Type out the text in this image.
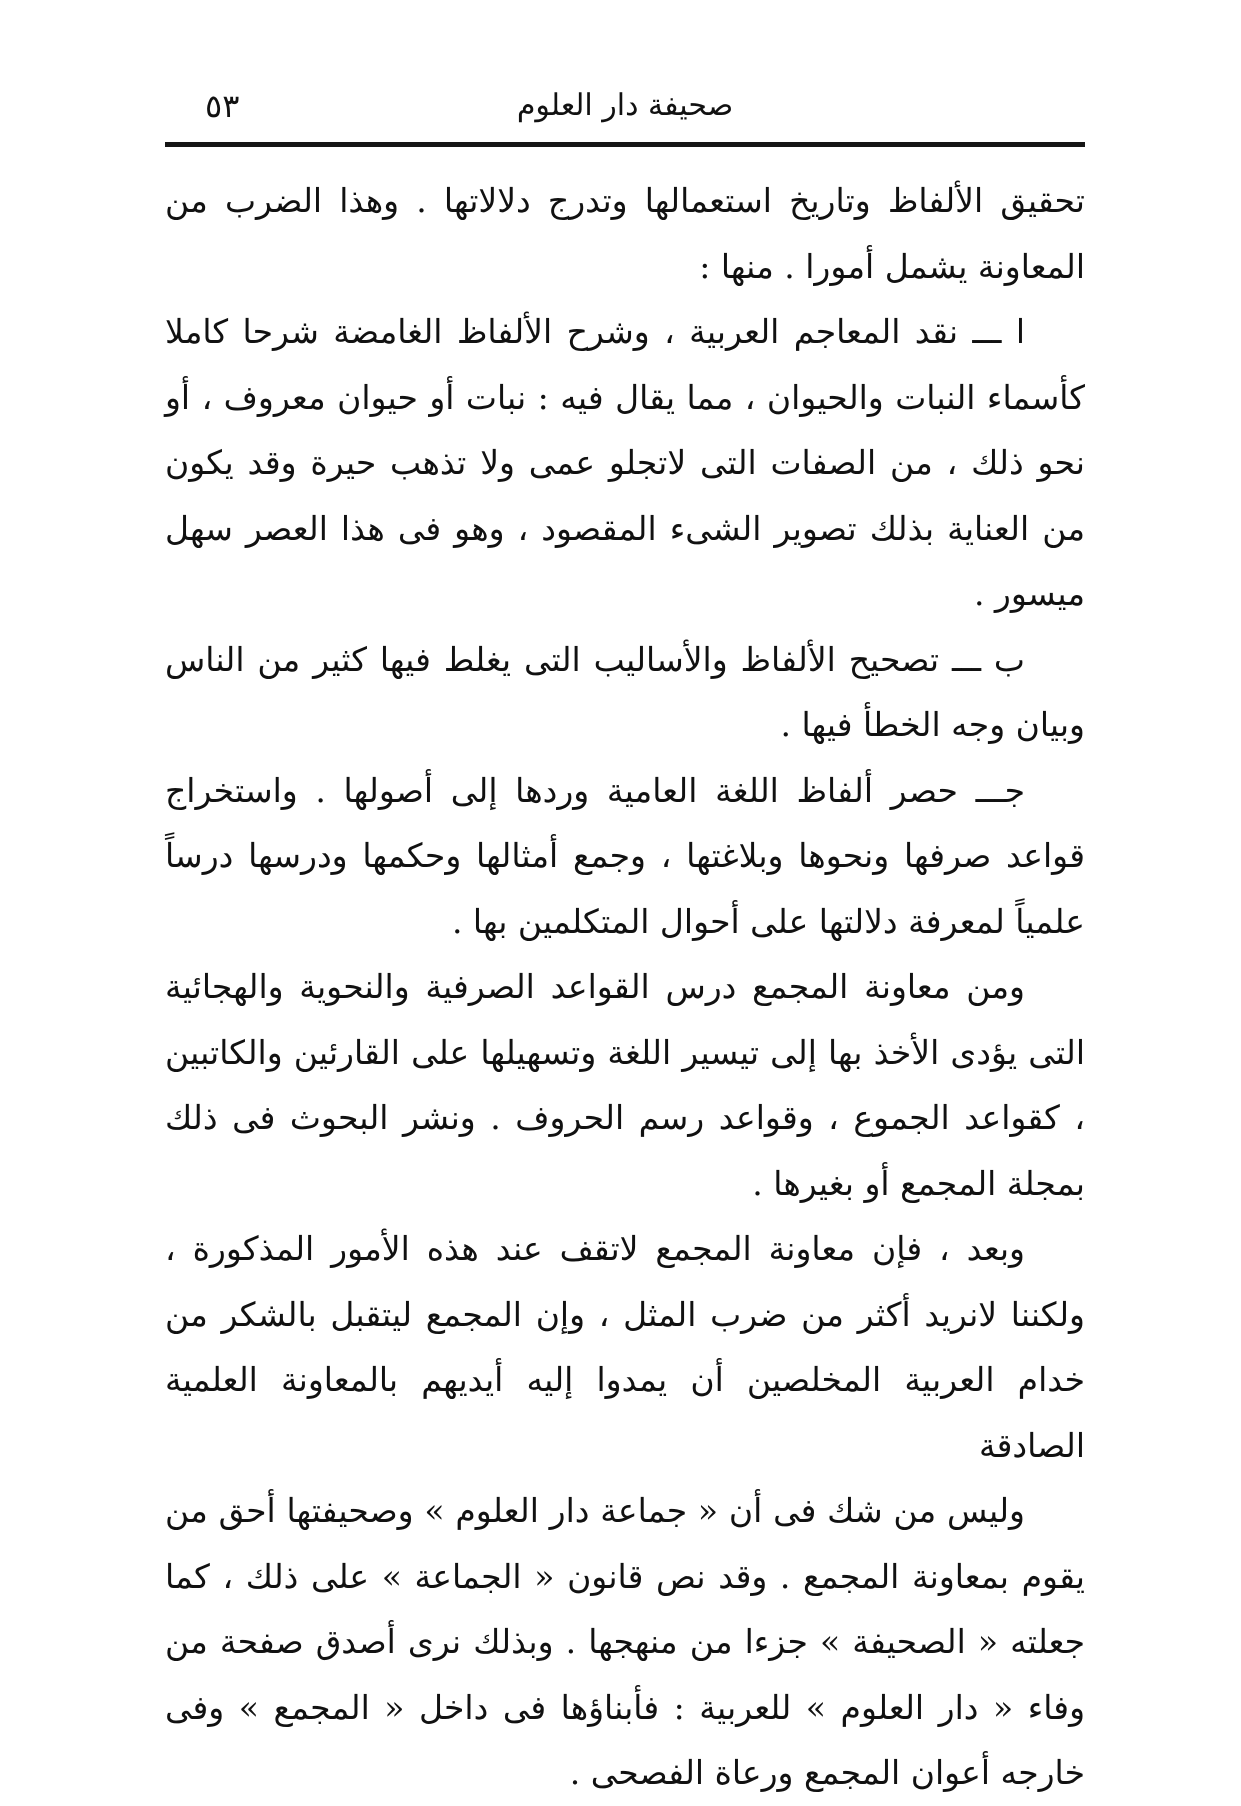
صحيفة دار العلوم
٥٣

تحقيق الألفاظ وتاريخ استعمالها وتدرج دلالاتها . وهذا الضرب من المعاونة يشمل أمورا . منها :

ا ـــ نقد المعاجم العربية ، وشرح الألفاظ الغامضة شرحا كاملا كأسماء النبات والحيوان ، مما يقال فيه : نبات أو حيوان معروف ، أو نحو ذلك ، من الصفات التى لاتجلو عمى ولا تذهب حيرة وقد يكون من العناية بذلك تصوير الشىء المقصود ، وهو فى هذا العصر سهل ميسور .

ب ـــ تصحيح الألفاظ والأساليب التى يغلط فيها كثير من الناس وبيان وجه الخطأ فيها .

جـــ حصر ألفاظ اللغة العامية وردها إلى أصولها . واستخراج قواعد صرفها ونحوها وبلاغتها ، وجمع أمثالها وحكمها ودرسها درساً علمياً لمعرفة دلالتها على أحوال المتكلمين بها .

ومن معاونة المجمع درس القواعد الصرفية والنحوية والهجائية التى يؤدى الأخذ بها إلى تيسير اللغة وتسهيلها على القارئين والكاتبين ، كقواعد الجموع ، وقواعد رسم الحروف . ونشر البحوث فى ذلك بمجلة المجمع أو بغيرها .

وبعد ، فإن معاونة المجمع لاتقف عند هذه الأمور المذكورة ، ولكننا لانريد أكثر من ضرب المثل ، وإن المجمع ليتقبل بالشكر من خدام العربية المخلصين أن يمدوا إليه أيديهم بالمعاونة العلمية الصادقة

وليس من شك فى أن « جماعة دار العلوم » وصحيفتها أحق من يقوم بمعاونة المجمع . وقد نص قانون « الجماعة » على ذلك ، كما جعلته « الصحيفة » جزءا من منهجها . وبذلك نرى أصدق صفحة من وفاء « دار العلوم » للعربية : فأبناؤها فى داخل « المجمع » وفى خارجه أعوان المجمع ورعاة الفصحى .
